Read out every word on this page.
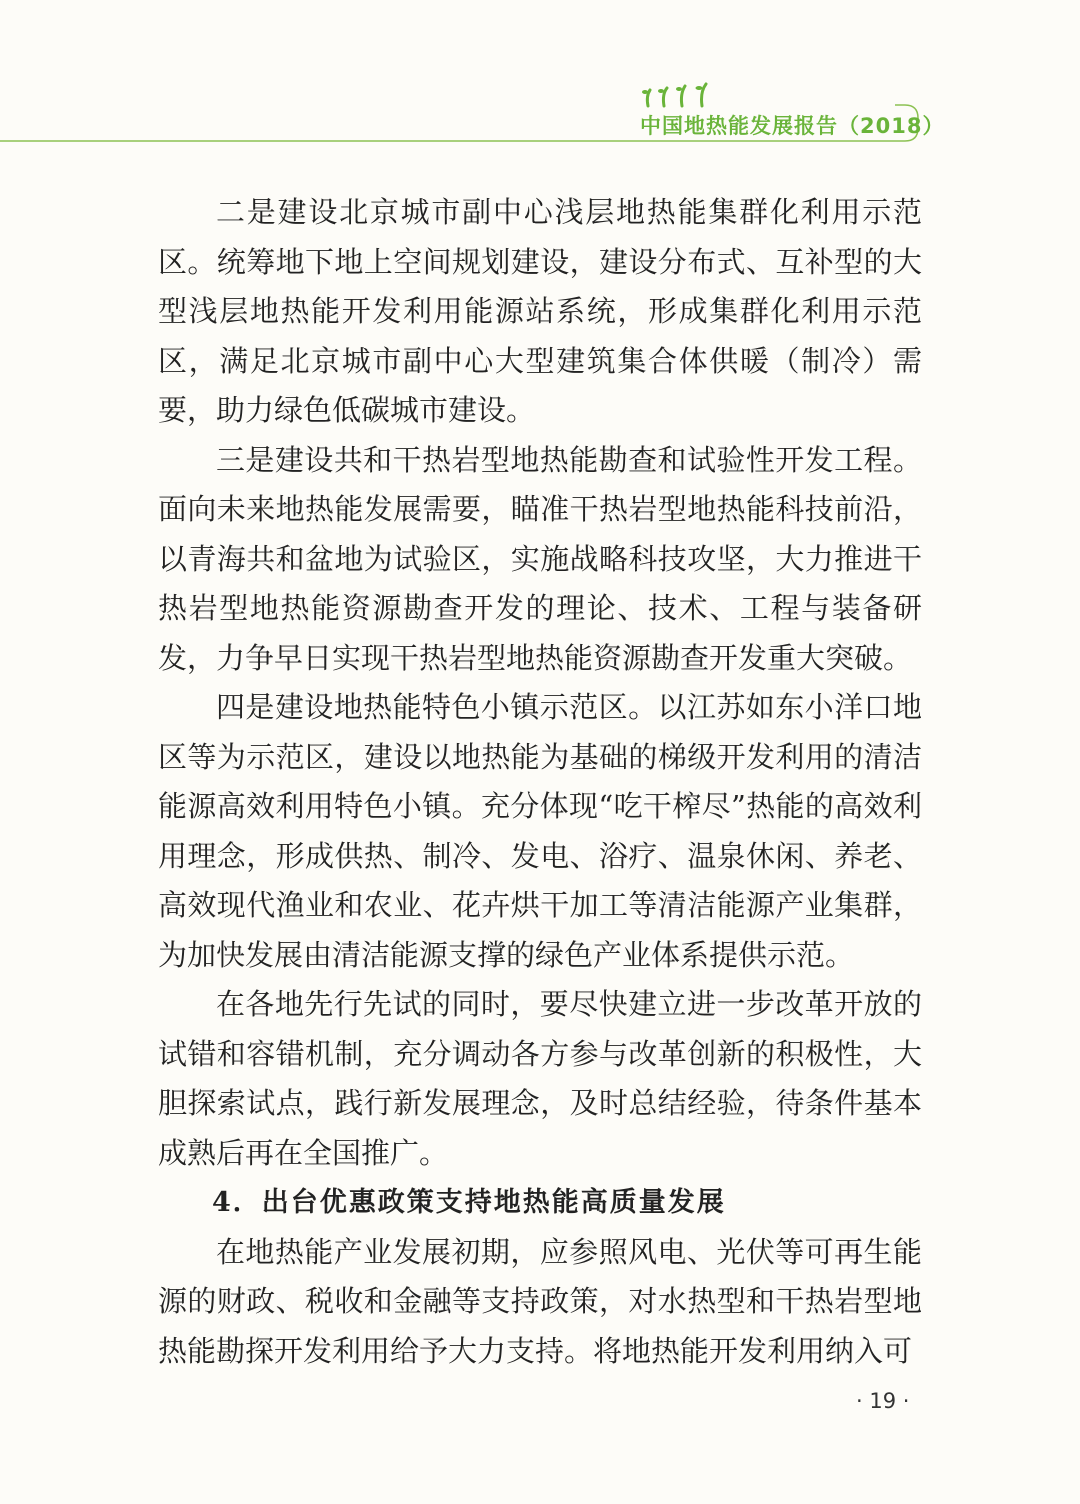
中国地热能发展报告（2018）

二是建设北京城市副中心浅层地热能集群化利用示范区。统筹地下地上空间规划建设，建设分布式、互补型的大型浅层地热能开发利用能源站系统，形成集群化利用示范区，满足北京城市副中心大型建筑集合体供暖（制冷）需要，助力绿色低碳城市建设。

三是建设共和干热岩型地热能勘查和试验性开发工程。面向未来地热能发展需要，瞄准干热岩型地热能科技前沿，以青海共和盆地为试验区，实施战略科技攻坚，大力推进干热岩型地热能资源勘查开发的理论、技术、工程与装备研发，力争早日实现干热岩型地热能资源勘查开发重大突破。

四是建设地热能特色小镇示范区。以江苏如东小洋口地区等为示范区，建设以地热能为基础的梯级开发利用的清洁能源高效利用特色小镇。充分体现“吃干榨尽”热能的高效利用理念，形成供热、制冷、发电、浴疗、温泉休闲、养老、高效现代渔业和农业、花卉烘干加工等清洁能源产业集群，为加快发展由清洁能源支撑的绿色产业体系提供示范。

在各地先行先试的同时，要尽快建立进一步改革开放的试错和容错机制，充分调动各方参与改革创新的积极性，大胆探索试点，践行新发展理念，及时总结经验，待条件基本成熟后再在全国推广。

4．出台优惠政策支持地热能高质量发展

在地热能产业发展初期，应参照风电、光伏等可再生能源的财政、税收和金融等支持政策，对水热型和干热岩型地热能勘探开发利用给予大力支持。将地热能开发利用纳入可

· 19 ·
